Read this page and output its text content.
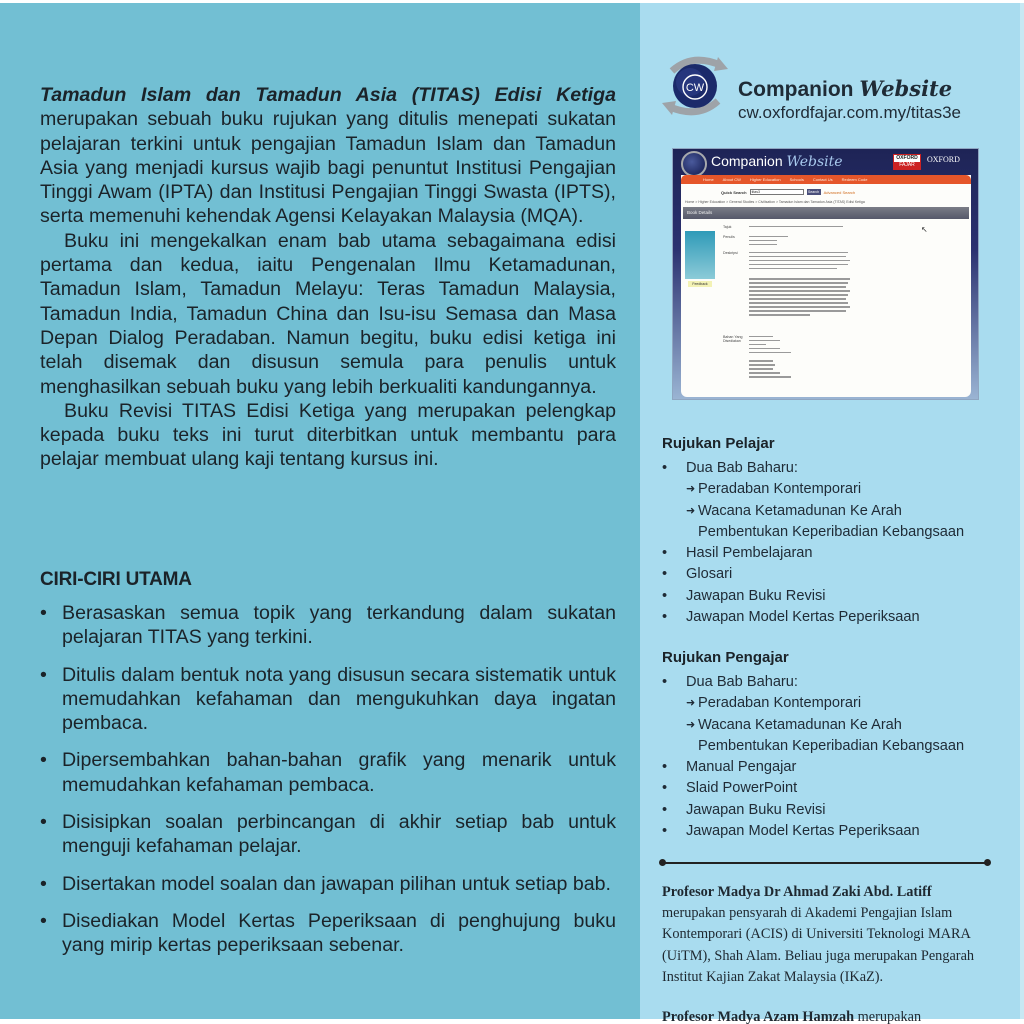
Tamadun Islam dan Tamadun Asia (TITAS) Edisi Ketiga merupakan sebuah buku rujukan yang ditulis menepati sukatan pelajaran terkini untuk pengajian Tamadun Islam dan Tamadun Asia yang menjadi kursus wajib bagi penuntut Institusi Pengajian Tinggi Awam (IPTA) dan Institusi Pengajian Tinggi Swasta (IPTS), serta memenuhi kehendak Agensi Kelayakan Malaysia (MQA).

Buku ini mengekalkan enam bab utama sebagaimana edisi pertama dan kedua, iaitu Pengenalan Ilmu Ketamadunan, Tamadun Islam, Tamadun Melayu: Teras Tamadun Malaysia, Tamadun India, Tamadun China dan Isu-isu Semasa dan Masa Depan Dialog Peradaban. Namun begitu, buku edisi ketiga ini telah disemak dan disusun semula para penulis untuk menghasilkan sebuah buku yang lebih berkualiti kandungannya.

Buku Revisi TITAS Edisi Ketiga yang merupakan pelengkap kepada buku teks ini turut diterbitkan untuk membantu para pelajar membuat ulang kaji tentang kursus ini.

CIRI-CIRI UTAMA
• Berasaskan semua topik yang terkandung dalam sukatan pelajaran TITAS yang terkini.
• Ditulis dalam bentuk nota yang disusun secara sistematik untuk memudahkan kefahaman dan mengukuhkan daya ingatan pembaca.
• Dipersembahkan bahan-bahan grafik yang menarik untuk memudahkan kefahaman pembaca.
• Disisipkan soalan perbincangan di akhir setiap bab untuk menguji kefahaman pelajar.
• Disertakan model soalan dan jawapan pilihan untuk setiap bab.
• Disediakan Model Kertas Peperiksaan di penghujung buku yang mirip kertas peperiksaan sebenar.
CW Companion Website
cw.oxfordfajar.com.my/titas3e
Companion Website	OXFORD
FAJAR
OXFORD
Home About CW Higher Education Schools Contact Us Redeem Code
Quick Search	titas3	Search	Advanced Search
Home > Higher Education > General Studies > Civilisation > Tamadun Islam dan Tamadun Asia (TITAS) Edisi Ketiga
Book Details
Feedback
Tajuk
Penulis
Deskripsi
Bahan Yang Disediakan
↖
Rujukan Pelajar
• Dua Bab Baharu:
➜ Peradaban Kontemporari
➜ Wacana Ketamadunan Ke Arah
Pembentukan Keperibadian Kebangsaan
• Hasil Pembelajaran
• Glosari
• Jawapan Buku Revisi
• Jawapan Model Kertas Peperiksaan
Rujukan Pengajar
• Dua Bab Baharu:
➜ Peradaban Kontemporari
➜ Wacana Ketamadunan Ke Arah
Pembentukan Keperibadian Kebangsaan
• Manual Pengajar
• Slaid PowerPoint
• Jawapan Buku Revisi
• Jawapan Model Kertas Peperiksaan
Profesor Madya Dr Ahmad Zaki Abd. Latiff
merupakan pensyarah di Akademi Pengajian Islam Kontemporari (ACIS) di Universiti Teknologi MARA (UiTM), Shah Alam. Beliau juga merupakan Pengarah Institut Kajian Zakat Malaysia (IKaZ).
Profesor Madya Azam Hamzah merupakan
